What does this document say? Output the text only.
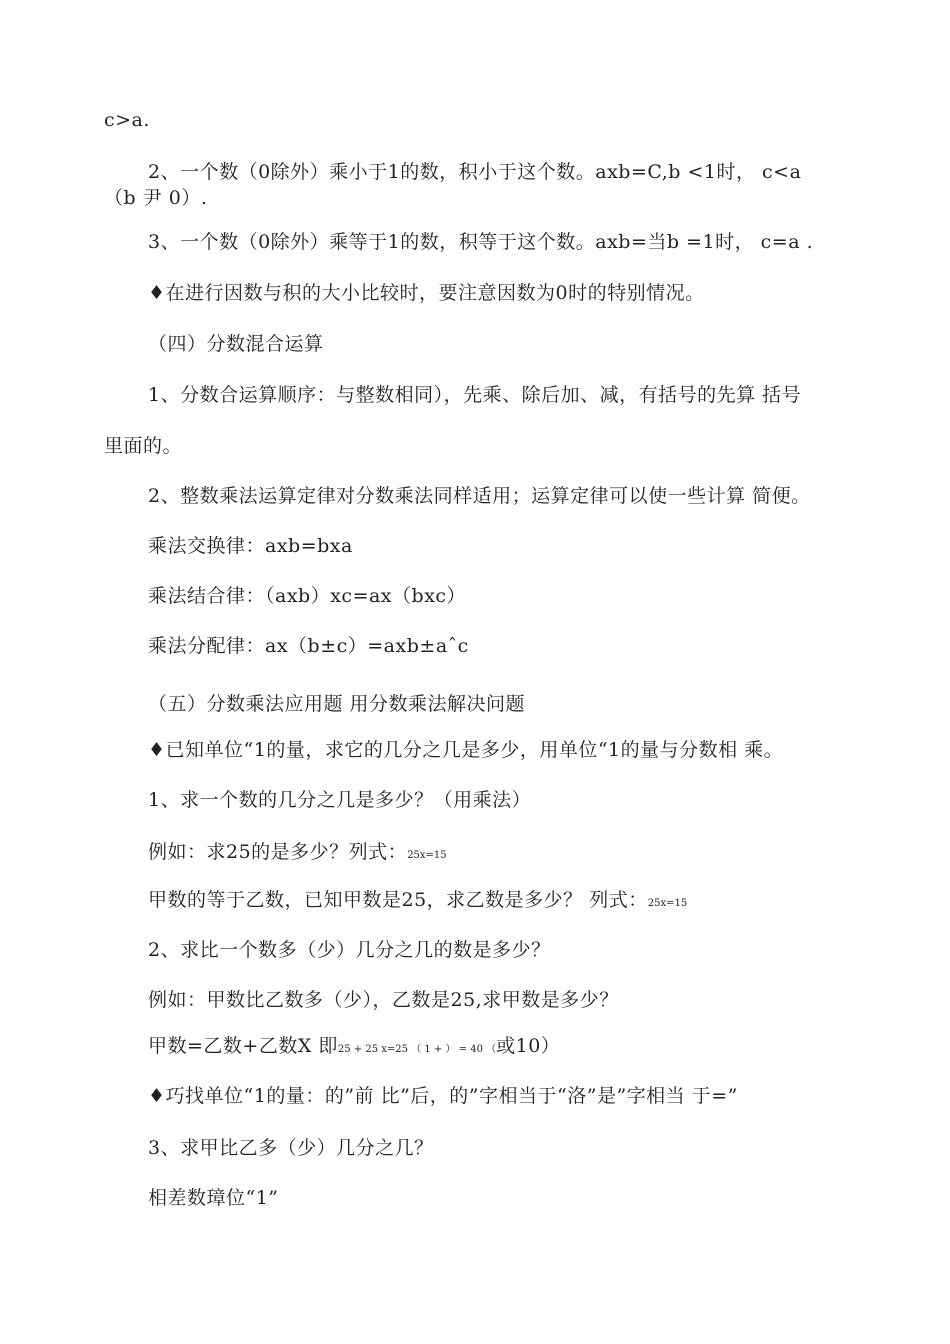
c>a.
2、一个数（0除外）乘小于1的数，积小于这个数。axb=C,b <1时， c<a
（b 尹 0）.
3、一个数（0除外）乘等于1的数，积等于这个数。axb=当b =1时， c=a .
♦在进行因数与积的大小比较时，要注意因数为0时的特别情况。
（四）分数混合运算
1、分数合运算顺序：与整数相同），先乘、除后加、减，有括号的先算 括号
里面的。
2、整数乘法运算定律对分数乘法同样适用；运算定律可以使一些计算 简便。
乘法交换律：axb=bxa
乘法结合律：（axb）xc=ax（bxc）
乘法分配律：ax（b±c）=axb±aˆc
（五）分数乘法应用题 用分数乘法解决问题
♦已知单位“1的量，求它的几分之几是多少，用单位“1的量与分数相 乘。
1、求一个数的几分之几是多少？（用乘法）
例如：求25的是多少？列式：25x=15
甲数的等于乙数，已知甲数是25，求乙数是多少？ 列式：25x=15
2、求比一个数多（少）几分之几的数是多少？
例如：甲数比乙数多（少），乙数是25,求甲数是多少？
甲数=乙数+乙数X 即25 + 25 x=25 （ 1 + ） = 40 （或10）
♦巧找单位“1的量：的”前 比”后，的”字相当于“洛”是”字相当 于=”
3、求甲比乙多（少）几分之几？
相差数璋位“1”
